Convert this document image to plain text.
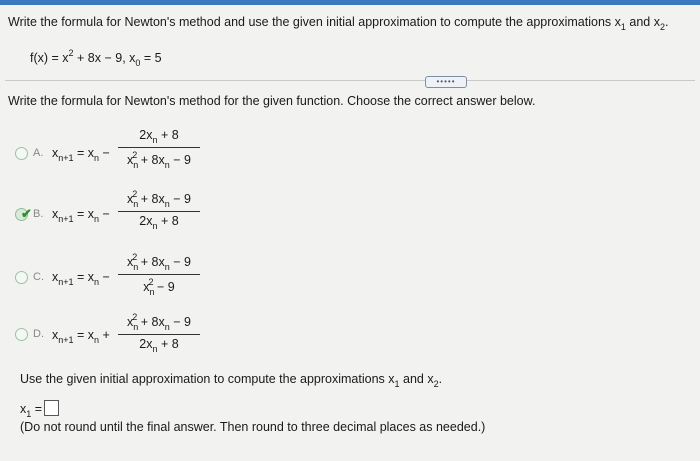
Write the formula for Newton's method and use the given initial approximation to compute the approximations $x_1$ and $x_2$.
$f(x) = x^2 + 8x - 9$, $x_0 = 5$
•••••
Write the formula for Newton's method for the given function. Choose the correct answer below.
A. $x_{n+1} = x_n$ −
$2x_n + 8$
$x_n^2 + 8x_n - 9$
✔ B. $x_{n+1} = x_n$ −
$x_n^2 + 8x_n - 9$
$2x_n + 8$
C. $x_{n+1} = x_n$ −
$x_n^2 + 8x_n - 9$
$x_n^2 - 9$
D. $x_{n+1} = x_n$ +
$x_n^2 + 8x_n - 9$
$2x_n + 8$
Use the given initial approximation to compute the approximations $x_1$ and $x_2$.
$x_1$ =
(Do not round until the final answer. Then round to three decimal places as needed.)
